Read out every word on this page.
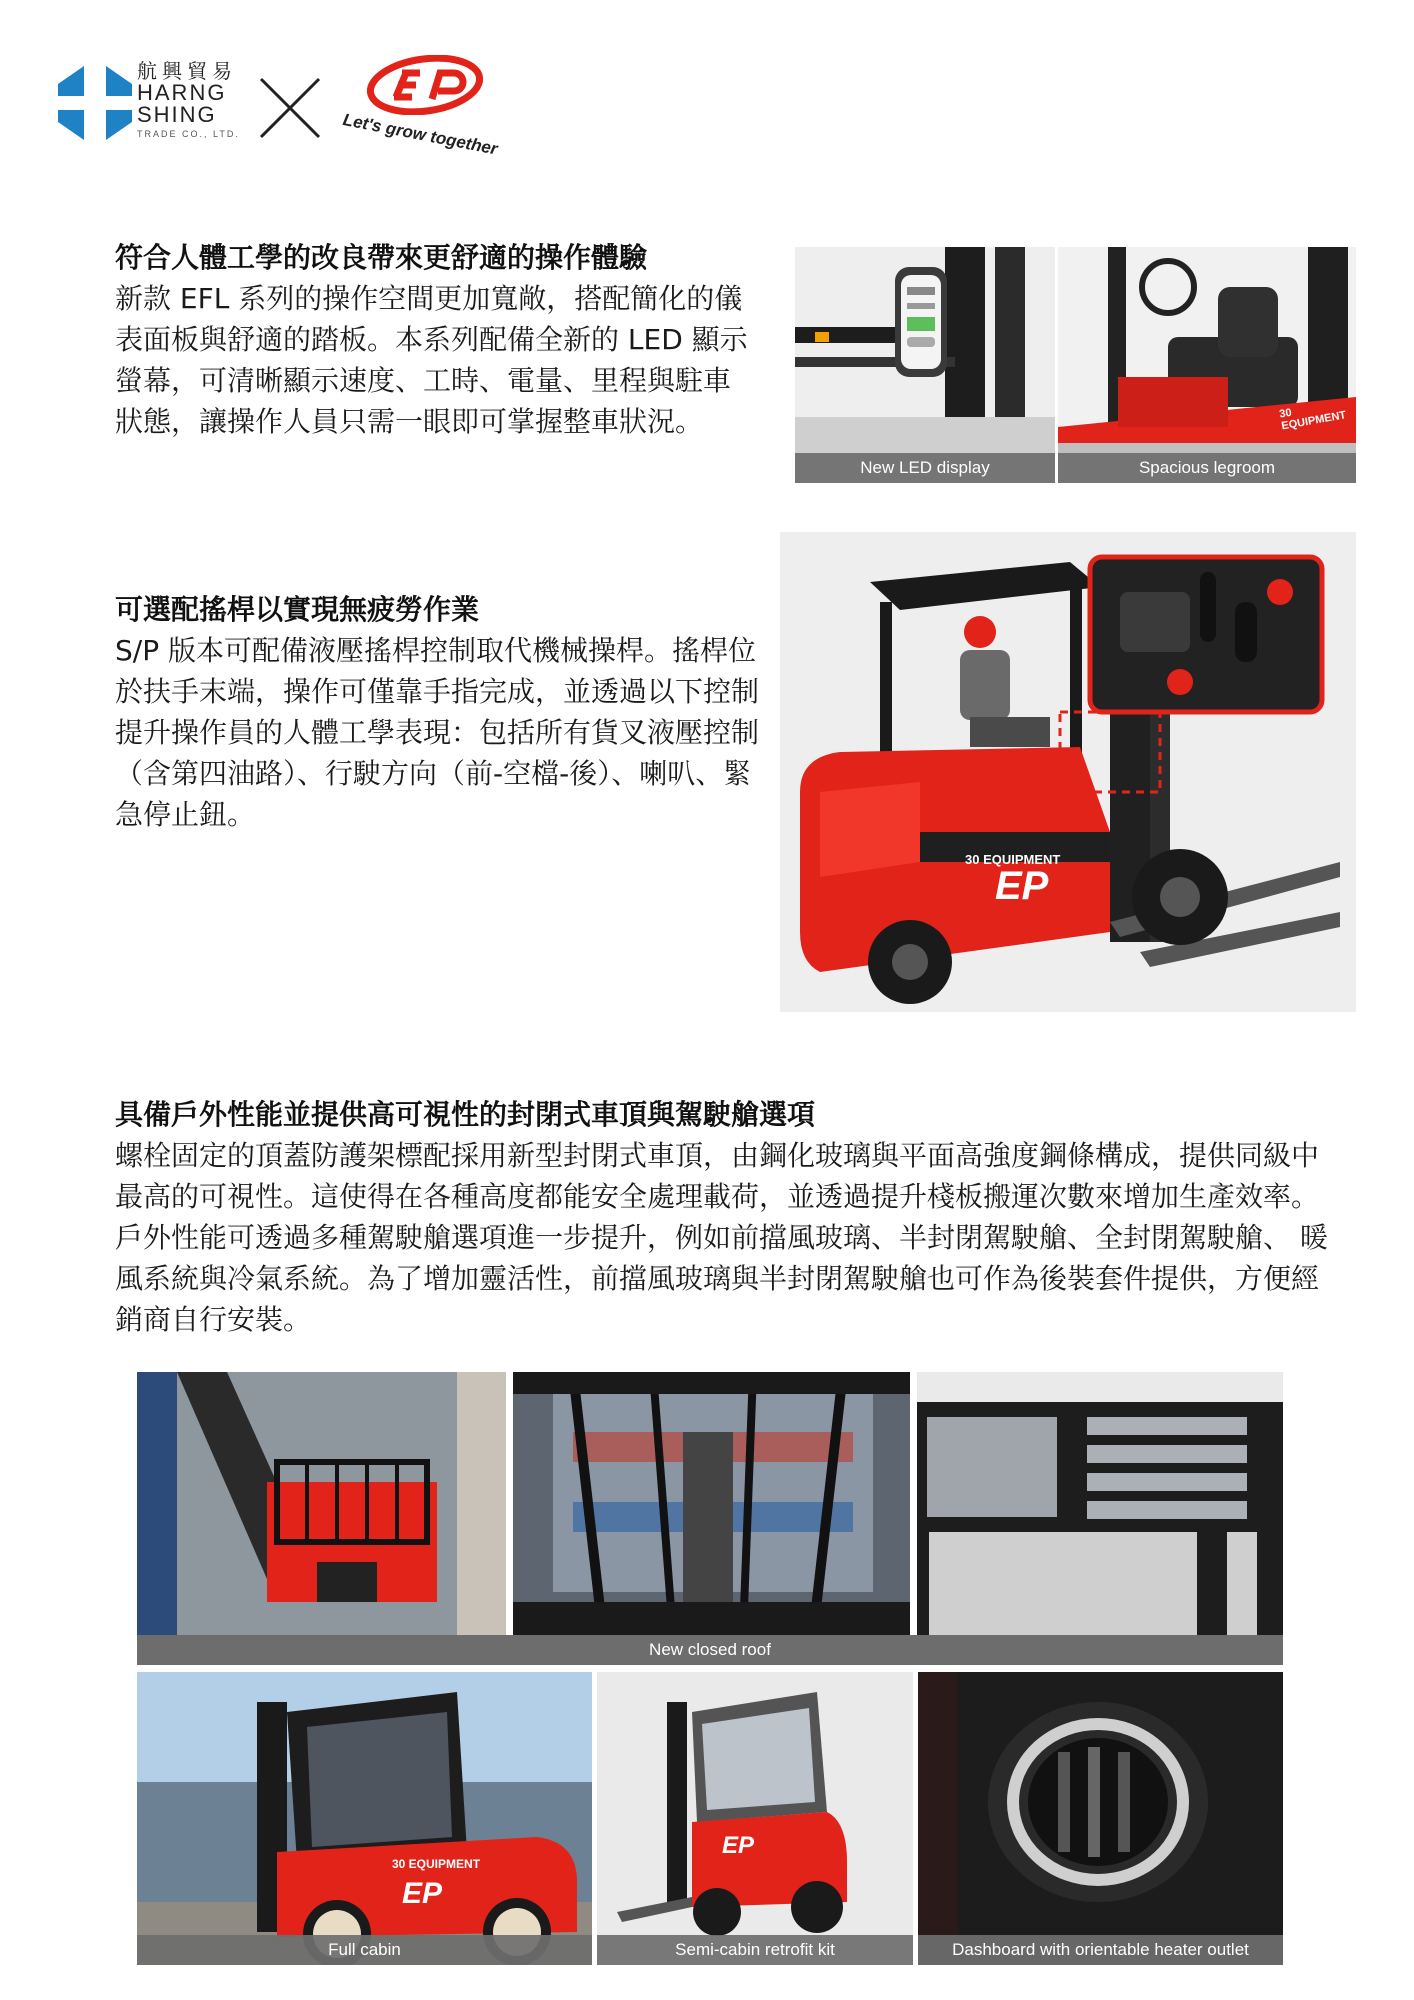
航興貿易
HARNG
SHING
TRADE CO., LTD.	Let's grow together
符合人體工學的改良帶來更舒適的操作體驗
新款 EFL 系列的操作空間更加寬敞，搭配簡化的儀表面板與舒適的踏板。本系列配備全新的 LED 顯示螢幕，可清晰顯示速度、工時、電量、里程與駐車狀態，讓操作人員只需一眼即可掌握整車狀況。
New LED display
30 EQUIPMENT
Spacious legroom
可選配搖桿以實現無疲勞作業
S/P 版本可配備液壓搖桿控制取代機械操桿。搖桿位於扶手末端，操作可僅靠手指完成，並透過以下控制提升操作員的人體工學表現：包括所有貨叉液壓控制（含第四油路）、行駛方向（前-空檔-後）、喇叭、緊急停止鈕。
30 EQUIPMENT
EP
具備戶外性能並提供高可視性的封閉式車頂與駕駛艙選項
螺栓固定的頂蓋防護架標配採用新型封閉式車頂，由鋼化玻璃與平面高強度鋼條構成，提供同級中最高的可視性。這使得在各種高度都能安全處理載荷，並透過提升棧板搬運次數來增加生產效率。戶外性能可透過多種駕駛艙選項進一步提升，例如前擋風玻璃、半封閉駕駛艙、全封閉駕駛艙、 暖風系統與冷氣系統。為了增加靈活性，前擋風玻璃與半封閉駕駛艙也可作為後裝套件提供，方便經銷商自行安裝。
New closed roof
30 EQUIPMENT
EP
Full cabin
EP
Semi-cabin retrofit kit	Dashboard with orientable heater outlet
